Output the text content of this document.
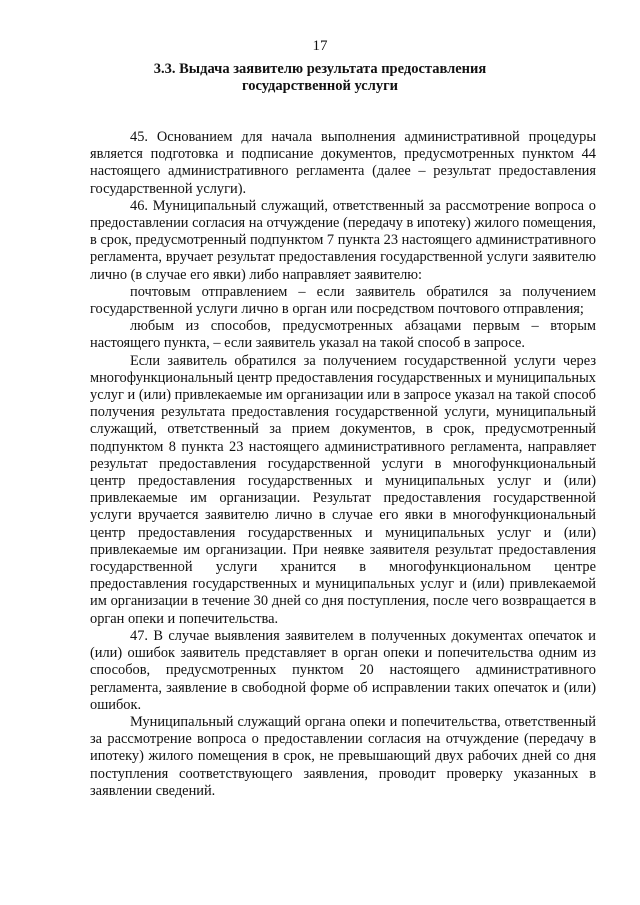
17
3.3. Выдача заявителю результата предоставления государственной услуги

45. Основанием для начала выполнения административной процедуры является подготовка и подписание документов, предусмотренных пунктом 44 настоящего административного регламента (далее – результат предоставления государственной услуги).

46. Муниципальный служащий, ответственный за рассмотрение вопроса о предоставлении согласия на отчуждение (передачу в ипотеку) жилого помещения, в срок, предусмотренный подпунктом 7 пункта 23 настоящего административного регламента, вручает результат предоставления государственной услуги заявителю лично (в случае его явки) либо направляет заявителю:

почтовым отправлением – если заявитель обратился за получением государственной услуги лично в орган или посредством почтового отправления;

любым из способов, предусмотренных абзацами первым – вторым настоящего пункта, – если заявитель указал на такой способ в запросе.

Если заявитель обратился за получением государственной услуги через многофункциональный центр предоставления государственных и муниципальных услуг и (или) привлекаемые им организации или в запросе указал на такой способ получения результата предоставления государственной услуги, муниципальный служащий, ответственный за прием документов, в срок, предусмотренный подпунктом 8 пункта 23 настоящего административного регламента, направляет результат предоставления государственной услуги в многофункциональный центр предоставления государственных и муниципальных услуг и (или) привлекаемые им организации. Результат предоставления государственной услуги вручается заявителю лично в случае его явки в многофункциональный центр предоставления государственных и муниципальных услуг и (или) привлекаемые им организации. При неявке заявителя результат предоставления государственной услуги хранится в многофункциональном центре предоставления государственных и муниципальных услуг и (или) привлекаемой им организации в течение 30 дней со дня поступления, после чего возвращается в орган опеки и попечительства.

47. В случае выявления заявителем в полученных документах опечаток и (или) ошибок заявитель представляет в орган опеки и попечительства одним из способов, предусмотренных пунктом 20 настоящего административного регламента, заявление в свободной форме об исправлении таких опечаток и (или) ошибок.

Муниципальный служащий органа опеки и попечительства, ответственный за рассмотрение вопроса о предоставлении согласия на отчуждение (передачу в ипотеку) жилого помещения в срок, не превышающий двух рабочих дней со дня поступления соответствующего заявления, проводит проверку указанных в заявлении сведений.
